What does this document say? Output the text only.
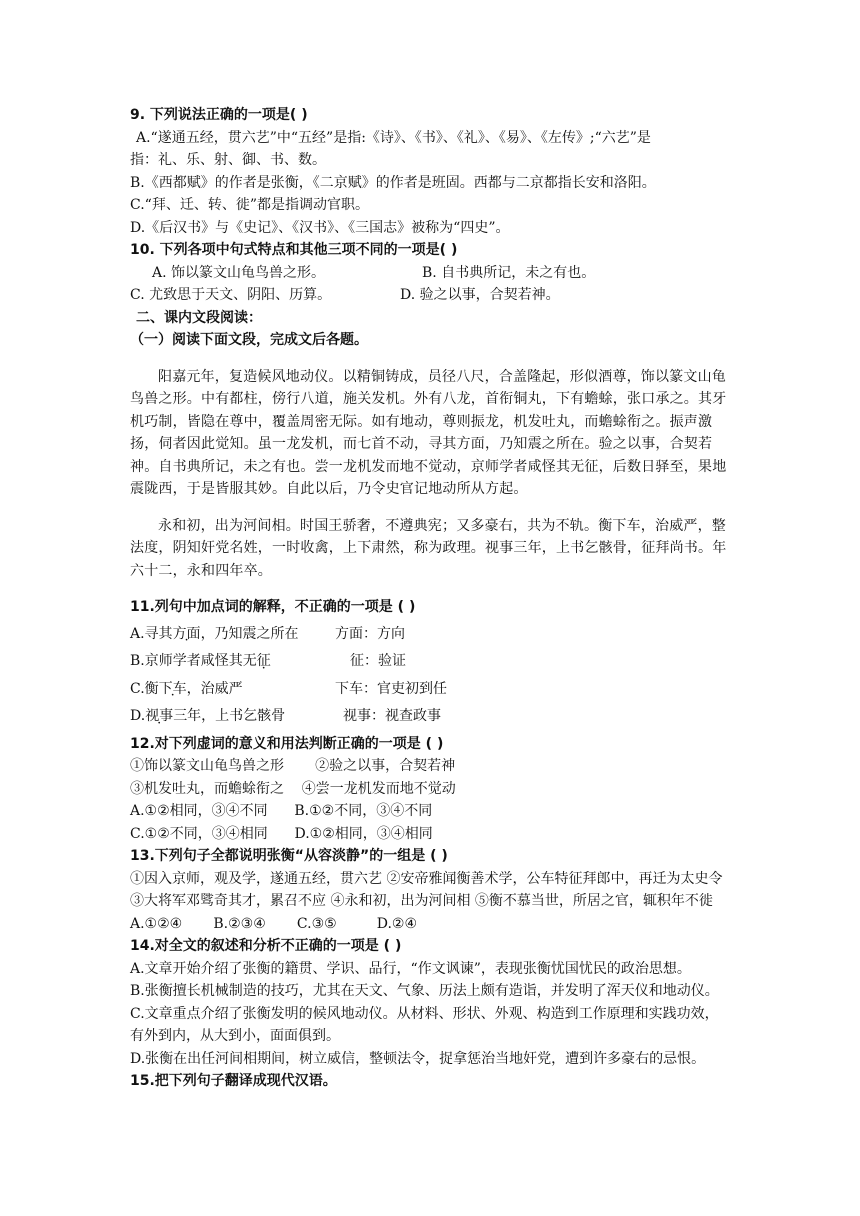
9. 下列说法正确的一项是( )

A.“遂通五经，贯六艺”中“五经”是指:《诗》、《书》、《礼》、《易》、《左传》;“六艺”是

指：礼、乐、射、御、书、数。

B.《西都赋》的作者是张衡，《二京赋》的作者是班固。西都与二京都指长安和洛阳。

C.“拜、迁、转、徙”都是指调动官职。

D.《后汉书》与《史记》、《汉书》、《三国志》被称为“四史”。

10. 下列各项中句式特点和其他三项不同的一项是( )

A. 饰以篆文山龟鸟兽之形。	B. 自书典所记，未之有也。
C. 尤致思于天文、阴阳、历算。	D. 验之以事，合契若神。

二、课内文段阅读：

（一）阅读下面文段，完成文后各题。

阳嘉元年，复造候风地动仪。以精铜铸成，员径八尺，合盖隆起，形似酒尊，饰以篆文山龟鸟兽之形。中有都柱，傍行八道，施关发机。外有八龙，首衔铜丸，下有蟾蜍，张口承之。其牙机巧制，皆隐在尊中，覆盖周密无际。如有地动，尊则振龙，机发吐丸，而蟾蜍衔之。振声激扬，伺者因此觉知。虽一龙发机，而七首不动，寻其方面，乃知震之所在。验之以事，合契若神。自书典所记，未之有也。尝一龙机发而地不觉动，京师学者咸怪其无征，后数日驿至，果地震陇西，于是皆服其妙。自此以后，乃令史官记地动所从方起。

永和初，出为河间相。时国王骄奢，不遵典宪；又多豪右，共为不轨。衡下车，治威严，整法度，阴知奸党名姓，一时收禽，上下肃然，称为政理。视事三年，上书乞骸骨，征拜尚书。年六十二，永和四年卒。

11.列句中加点词的解释，不正确的一项是 ( )

A.寻其方面，乃知震之所在	方面：方向
B.京师学者咸怪其无征	征：验证
C.衡下车，治威严	下车：官吏初到任
D.视事三年，上书乞骸骨	视事：视查政事

12.对下列虚词的意义和用法判断正确的一项是 ( )

①饰以篆文山龟鸟兽之形       ②验之以事，合契若神

③机发吐丸，而蟾蜍衔之    ④尝一龙机发而地不觉动

A.①②相同，③④不同      B.①②不同，③④不同

C.①②不同，③④相同      D.①②相同，③④相同

13.下列句子全都说明张衡“从容淡静”的一组是 ( )

①因入京师，观及学，遂通五经，贯六艺 ②安帝雅闻衡善术学，公车特征拜郎中，再迁为太史令 ③大将军邓骘奇其才，累召不应 ④永和初，出为河间相 ⑤衡不慕当世，所居之官，辄积年不徙

A.①②④       B.②③④       C.③⑤         D.②④

14.对全文的叙述和分析不正确的一项是 ( )

A.文章开始介绍了张衡的籍贯、学识、品行，“作文讽谏”，表现张衡忧国忧民的政治思想。

B.张衡擅长机械制造的技巧，尤其在天文、气象、历法上颇有造诣，并发明了浑天仪和地动仪。

C.文章重点介绍了张衡发明的候风地动仪。从材料、形状、外观、构造到工作原理和实践功效，有外到内，从大到小，面面俱到。

D.张衡在出任河间相期间，树立威信，整顿法令，捉拿惩治当地奸党，遭到许多豪右的忌恨。

15.把下列句子翻译成现代汉语。
